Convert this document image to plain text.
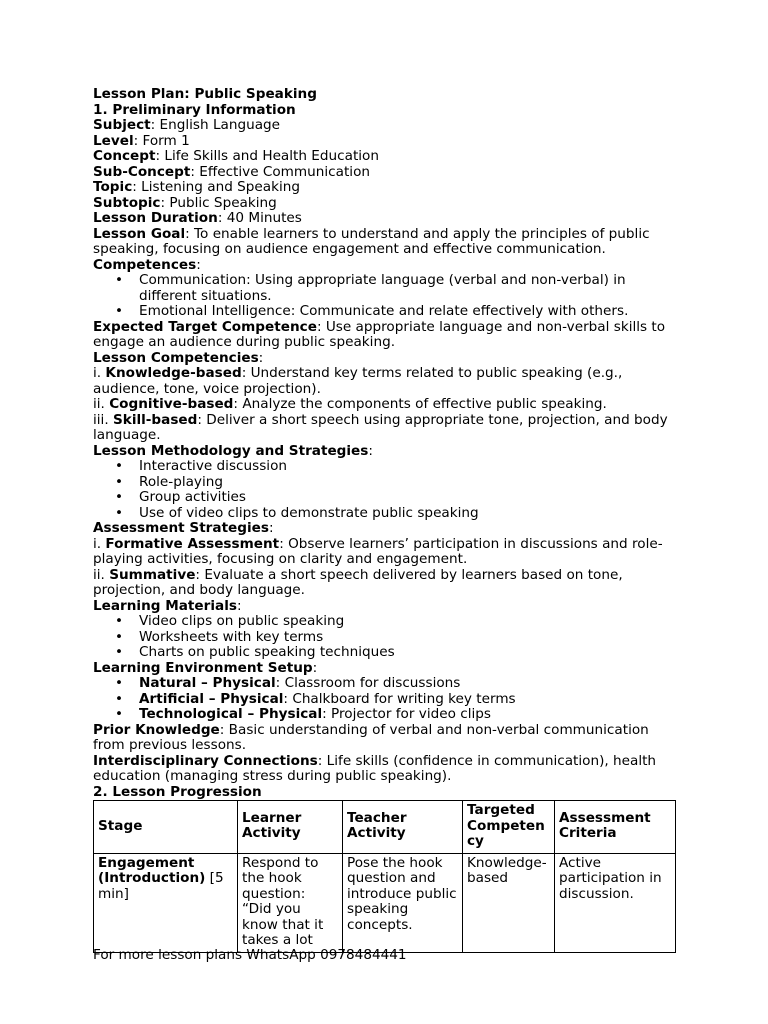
Lesson Plan: Public Speaking
1. Preliminary Information
Subject: English Language
Level: Form 1
Concept: Life Skills and Health Education
Sub-Concept: Effective Communication
Topic: Listening and Speaking
Subtopic: Public Speaking
Lesson Duration: 40 Minutes
Lesson Goal: To enable learners to understand and apply the principles of public speaking, focusing on audience engagement and effective communication.
Competences:
• Communication: Using appropriate language (verbal and non-verbal) in different situations.
• Emotional Intelligence: Communicate and relate effectively with others.
Expected Target Competence: Use appropriate language and non-verbal skills to engage an audience during public speaking.
Lesson Competencies:
i. Knowledge-based: Understand key terms related to public speaking (e.g., audience, tone, voice projection).
ii. Cognitive-based: Analyze the components of effective public speaking.
iii. Skill-based: Deliver a short speech using appropriate tone, projection, and body language.
Lesson Methodology and Strategies:
• Interactive discussion
• Role-playing
• Group activities
• Use of video clips to demonstrate public speaking
Assessment Strategies:
i. Formative Assessment: Observe learners’ participation in discussions and role-playing activities, focusing on clarity and engagement.
ii. Summative: Evaluate a short speech delivered by learners based on tone, projection, and body language.
Learning Materials:
• Video clips on public speaking
• Worksheets with key terms
• Charts on public speaking techniques
Learning Environment Setup:
• Natural – Physical: Classroom for discussions
• Artificial – Physical: Chalkboard for writing key terms
• Technological – Physical: Projector for video clips
Prior Knowledge: Basic understanding of verbal and non-verbal communication from previous lessons.
Interdisciplinary Connections: Life skills (confidence in communication), health education (managing stress during public speaking).
2. Lesson Progression
Stage	Learner Activity	Teacher Activity	Targeted Competency	Assessment Criteria
Engagement (Introduction) [5 min]	Respond to the hook question: “Did you know that it takes a lot	Pose the hook question and introduce public speaking concepts.	Knowledge-based	Active participation in discussion.
For more lesson plans WhatsApp 0978484441
